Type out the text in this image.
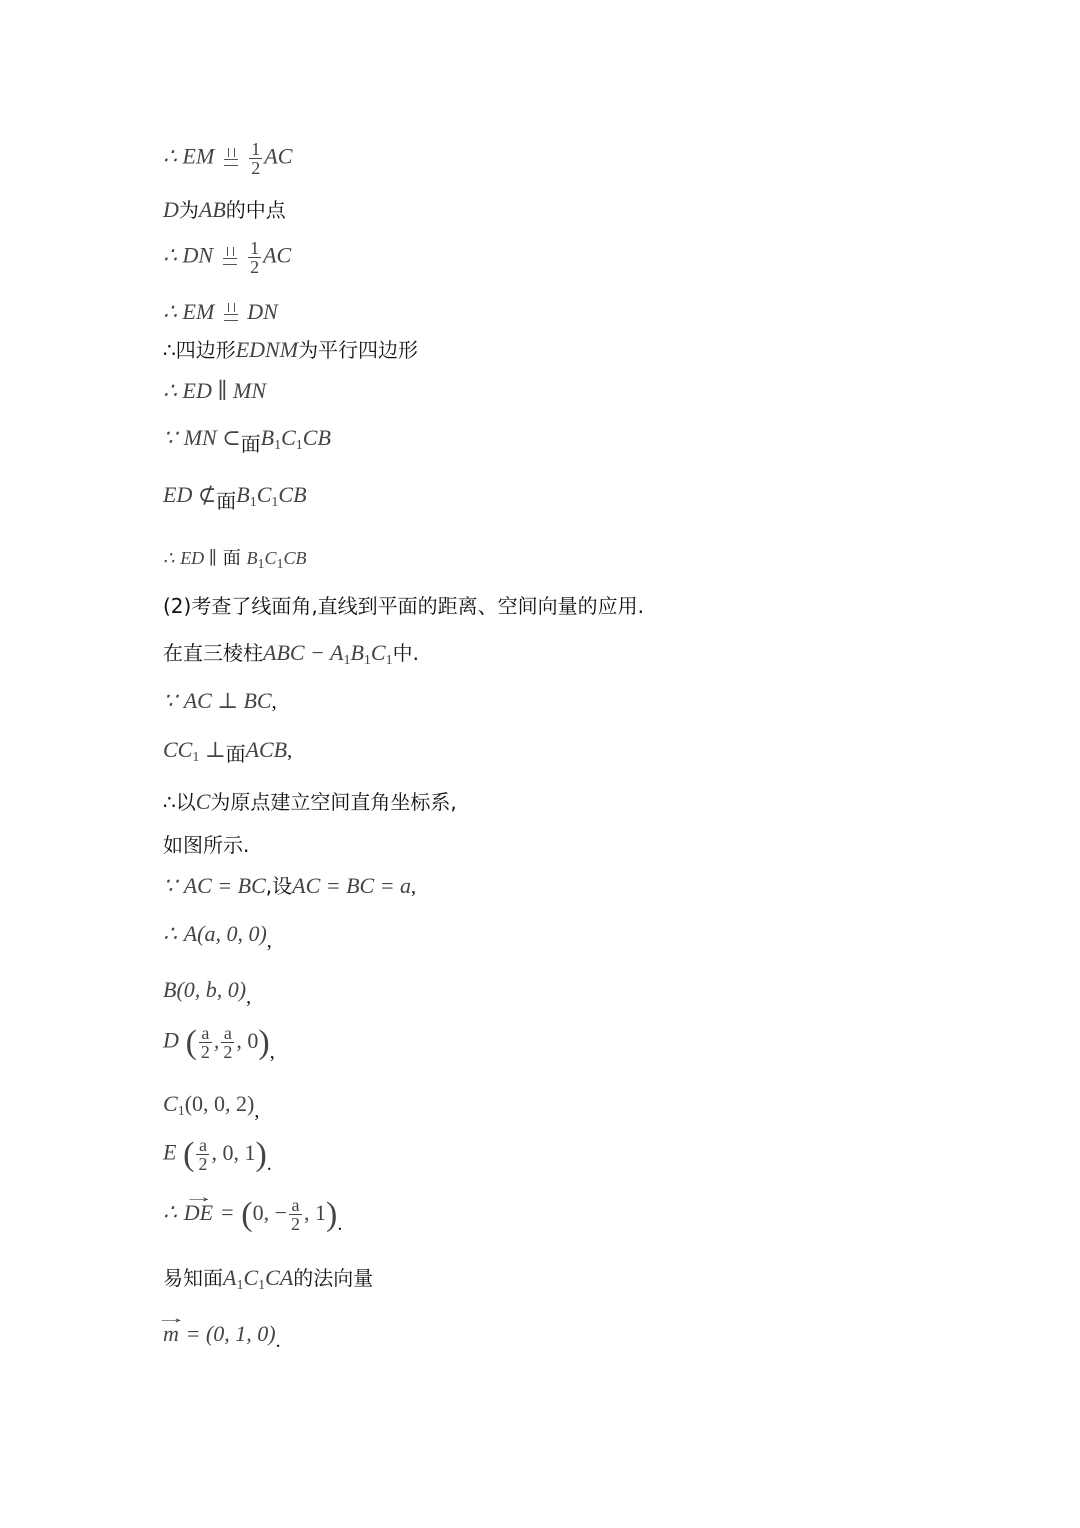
∴ EM $\frac{1}{2}$ AC
D为AB的中点
∴ DN $\frac{1}{2}$ AC
∴ EM DN
∴四边形EDNM为平行四边形
∴ ED ∥ MN
∵ MN ⊂面$B_1C_1CB$
ED ⊄面$B_1C_1CB$
∴ ED ∥ 面 $B_1C_1CB$
(2)考查了线面角,直线到平面的距离、空间向量的应用.
在直三棱柱ABC − $A_1B_1C_1$中.
∵ AC ⊥ BC,
$CC_1$ ⊥面ACB,
∴以C为原点建立空间直角坐标系,
如图所示.
∵ AC = BC,设AC = BC = a,
∴ A(a, 0, 0),
B(0, b, 0),
D ( $\frac{a}{2}$ , $\frac{a}{2}$ , 0),
$C_1(0$, 0, 2),
E ( $\frac{a}{2}$ , 0, 1).
∴ → DE = (0, − $\frac{a}{2}$ , 1).
易知面$A_1C_1CA$的法向量
→ m = (0, 1, 0).
